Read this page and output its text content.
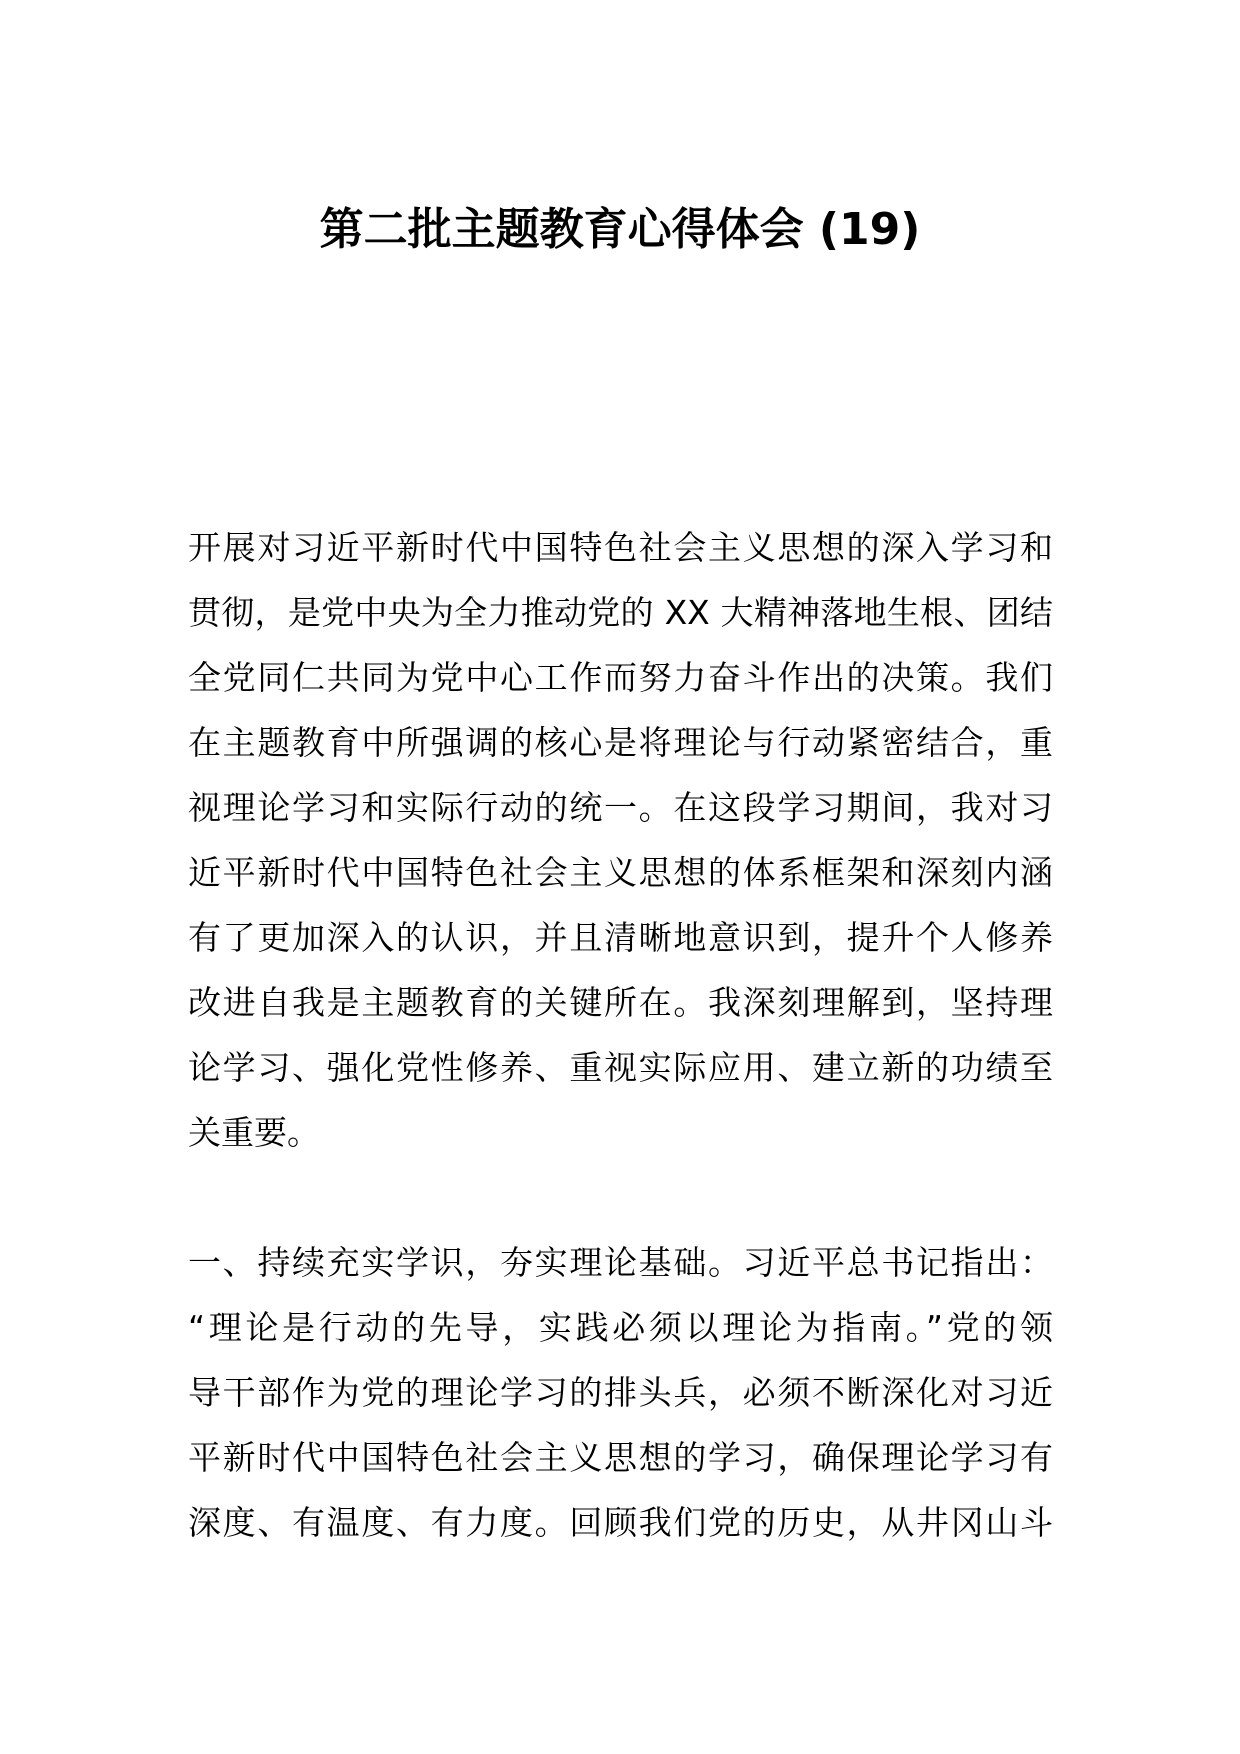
第二批主题教育心得体会 (19)
开展对习近平新时代中国特色社会主义思想的深入学习和
贯彻，是党中央为全力推动党的 XX 大精神落地生根、团结
全党同仁共同为党中心工作而努力奋斗作出的决策。我们
在主题教育中所强调的核心是将理论与行动紧密结合，重
视理论学习和实际行动的统一。在这段学习期间，我对习
近平新时代中国特色社会主义思想的体系框架和深刻内涵
有了更加深入的认识，并且清晰地意识到，提升个人修养
改进自我是主题教育的关键所在。我深刻理解到，坚持理
论学习、强化党性修养、重视实际应用、建立新的功绩至
关重要。
一、持续充实学识，夯实理论基础。习近平总书记指出：
“理论是行动的先导，实践必须以理论为指南。”党的领
导干部作为党的理论学习的排头兵，必须不断深化对习近
平新时代中国特色社会主义思想的学习，确保理论学习有
深度、有温度、有力度。回顾我们党的历史，从井冈山斗
